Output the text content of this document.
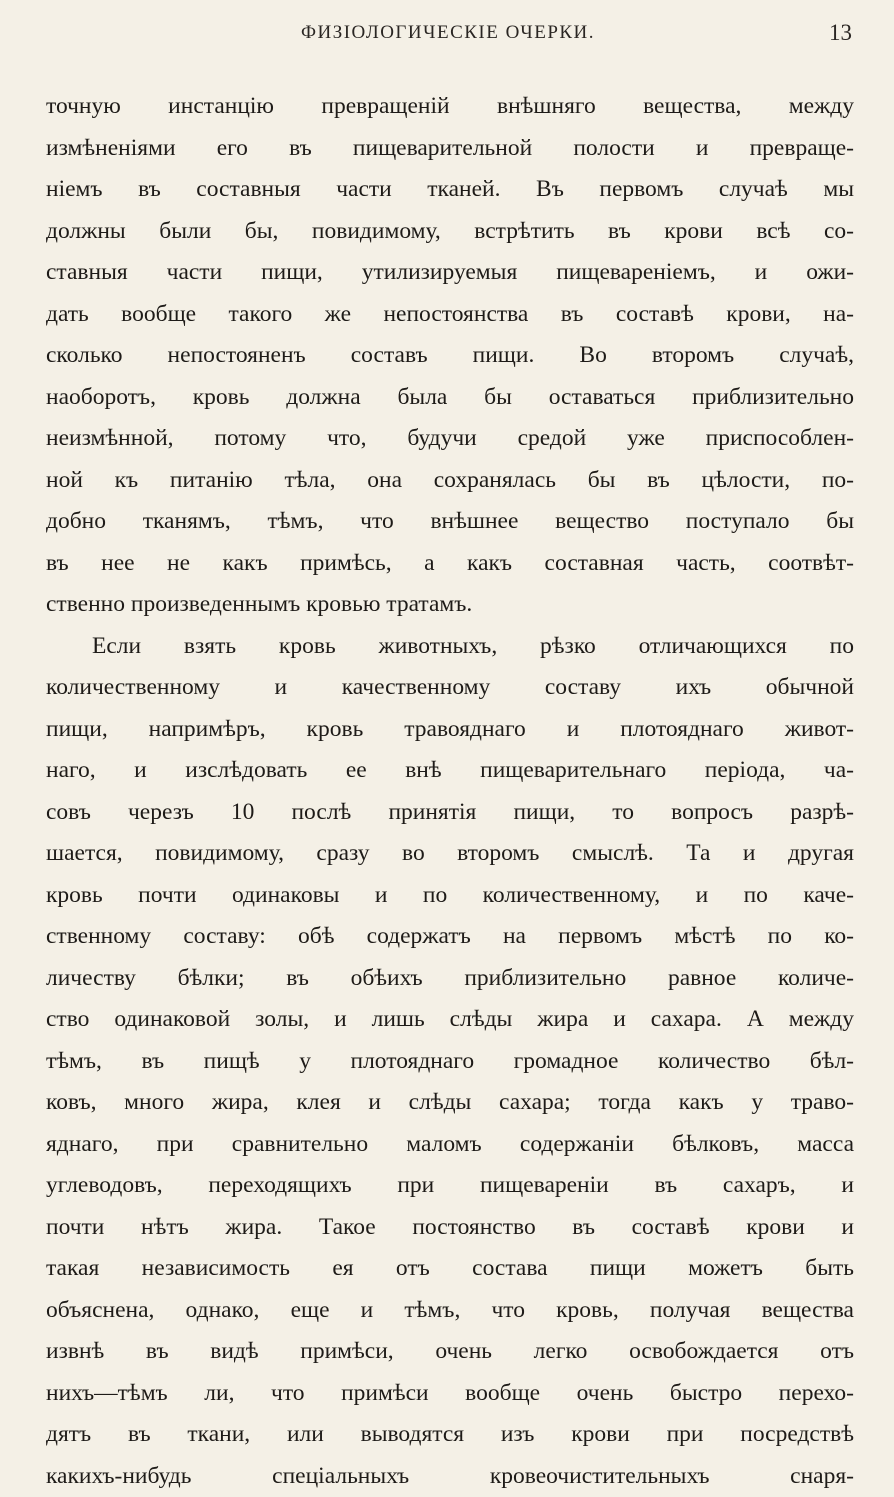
ФИЗIОЛОГИЧЕСКIЕ ОЧЕРКИ.	13
точную инстанцiю превращенiй внѣшняго вещества, между
измѣненiями его въ пищеварительной полости и превраще-
нiемъ въ составныя части тканей. Въ первомъ случаѣ мы
должны были бы, повидимому, встрѣтить въ крови всѣ со-
ставныя части пищи, утилизируемыя пищеваренiемъ, и ожи-
дать вообще такого же непостоянства въ составѣ крови, на-
сколько непостояненъ составъ пищи. Во второмъ случаѣ,
наоборотъ, кровь должна была бы оставаться приблизительно
неизмѣнной, потому что, будучи средой уже приспособлен-
ной къ питанiю тѣла, она сохранялась бы въ цѣлости, по-
добно тканямъ, тѣмъ, что внѣшнее вещество поступало бы
въ нее не какъ примѣсь, а какъ составная часть, соотвѣт-
ственно произведеннымъ кровью тратамъ.
Если взять кровь животныхъ, рѣзко отличающихся по
количественному и качественному составу ихъ обычной
пищи, напримѣръ, кровь травояднаго и плотояднаго живот-
наго, и изслѣдовать ее внѣ пищеварительнаго перiода, ча-
совъ черезъ 10 послѣ принятiя пищи, то вопросъ разрѣ-
шается, повидимому, сразу во второмъ смыслѣ. Та и другая
кровь почти одинаковы и по количественному, и по каче-
ственному составу: обѣ содержатъ на первомъ мѣстѣ по ко-
личеству бѣлки; въ обѣихъ приблизительно равное количе-
ство одинаковой золы, и лишь слѣды жира и сахара. А между
тѣмъ, въ пищѣ у плотояднаго громадное количество бѣл-
ковъ, много жира, клея и слѣды сахара; тогда какъ у траво-
яднаго, при сравнительно маломъ содержанiи бѣлковъ, масса
углеводовъ, переходящихъ при пищеваренiи въ сахаръ, и
почти нѣтъ жира. Такое постоянство въ составѣ крови и
такая независимость ея отъ состава пищи можетъ быть
объяснена, однако, еще и тѣмъ, что кровь, получая вещества
извнѣ въ видѣ примѣси, очень легко освобождается отъ
нихъ—тѣмъ ли, что примѣси вообще очень быстро перехо-
дятъ въ ткани, или выводятся изъ крови при посредствѣ
какихъ-нибудь спецiальныхъ кровеочистительныхъ снаря-
